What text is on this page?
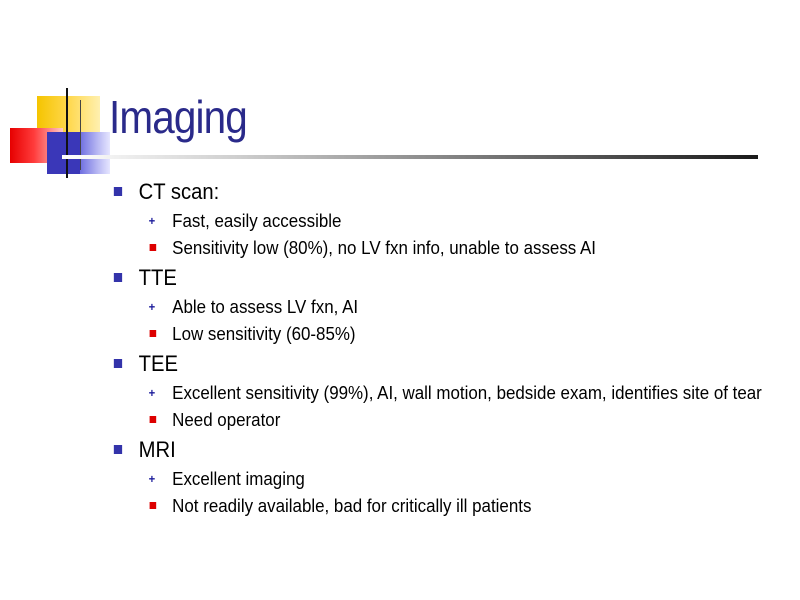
Imaging
CT scan:
+ Fast, easily accessible
Sensitivity low (80%), no LV fxn info, unable to assess AI
TTE
+ Able to assess LV fxn, AI
Low sensitivity (60-85%)
TEE
+ Excellent sensitivity (99%), AI, wall motion, bedside exam, identifies site of tear
Need operator
MRI
+ Excellent imaging
Not readily available, bad for critically ill patients
